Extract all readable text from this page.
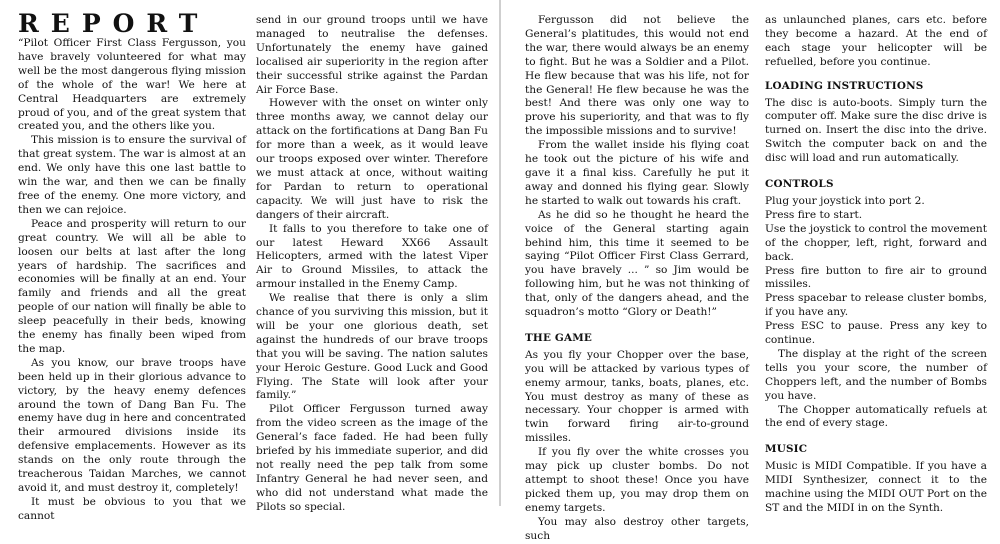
REPORT

“Pilot Officer First Class Fergusson, you have bravely volunteered for what may well be the most dangerous flying mission of the whole of the war! We here at Central Headquarters are extremely proud of you, and of the great system that created you, and the others like you.

This mission is to ensure the survival of that great system. The war is almost at an end. We only have this one last battle to win the war, and then we can be finally free of the enemy. One more victory, and then we can rejoice.

Peace and prosperity will return to our great country. We will all be able to loosen our belts at last after the long years of hardship. The sacrifices and economies will be finally at an end. Your family and friends and all the great people of our nation will finally be able to sleep peacefully in their beds, knowing the enemy has finally been wiped from the map.

As you know, our brave troops have been held up in their glorious advance to victory, by the heavy enemy defences around the town of Dang Ban Fu. The enemy have dug in here and concentrated their armoured divisions inside its defensive emplacements. However as its stands on the only route through the treacherous Taidan Marches, we cannot avoid it, and must destroy it, completely!

It must be obvious to you that we cannot

send in our ground troops until we have managed to neutralise the defenses. Unfortunately the enemy have gained localised air superiority in the region after their successful strike against the Pardan Air Force Base.

However with the onset on winter only three months away, we cannot delay our attack on the fortifications at Dang Ban Fu for more than a week, as it would leave our troops exposed over winter. Therefore we must attack at once, without waiting for Pardan to return to operational capacity. We will just have to risk the dangers of their aircraft.

It falls to you therefore to take one of our latest Heward XX66 Assault Helicopters, armed with the latest Viper Air to Ground Missiles, to attack the armour installed in the Enemy Camp.

We realise that there is only a slim chance of you surviving this mission, but it will be your one glorious death, set against the hundreds of our brave troops that you will be saving. The nation salutes your Heroic Gesture. Good Luck and Good Flying. The State will look after your family.”

Pilot Officer Fergusson turned away from the video screen as the image of the General’s face faded. He had been fully briefed by his immediate superior, and did not really need the pep talk from some Infantry General he had never seen, and who did not understand what made the Pilots so special.

Fergusson did not believe the General’s platitudes, this would not end the war, there would always be an enemy to fight. But he was a Soldier and a Pilot. He flew because that was his life, not for the General! He flew because he was the best! And there was only one way to prove his superiority, and that was to fly the impossible missions and to survive!

From the wallet inside his flying coat he took out the picture of his wife and gave it a final kiss. Carefully he put it away and donned his flying gear. Slowly he started to walk out towards his craft.

As he did so he thought he heard the voice of the General starting again behind him, this time it seemed to be saying “Pilot Officer First Class Gerrard, you have bravely ... ” so Jim would be following him, but he was not thinking of that, only of the dangers ahead, and the squadron’s motto “Glory or Death!”

THE GAME

As you fly your Chopper over the base, you will be attacked by various types of enemy armour, tanks, boats, planes, etc. You must destroy as many of these as necessary. Your chopper is armed with twin forward firing air-to-ground missiles.

If you fly over the white crosses you may pick up cluster bombs. Do not attempt to shoot these! Once you have picked them up, you may drop them on enemy targets.

You may also destroy other targets, such

as unlaunched planes, cars etc. before they become a hazard. At the end of each stage your helicopter will be refuelled, before you continue.

LOADING INSTRUCTIONS

The disc is auto-boots. Simply turn the computer off. Make sure the disc drive is turned on. Insert the disc into the drive. Switch the computer back on and the disc will load and run automatically.

CONTROLS

Plug your joystick into port 2.

Press fire to start.

Use the joystick to control the movement of the chopper, left, right, forward and back.

Press fire button to fire air to ground missiles.

Press spacebar to release cluster bombs, if you have any.

Press ESC to pause. Press any key to continue.

The display at the right of the screen tells you your score, the number of Choppers left, and the number of Bombs you have.

The Chopper automatically refuels at the end of every stage.

MUSIC

Music is MIDI Compatible. If you have a MIDI Synthesizer, connect it to the machine using the MIDI OUT Port on the ST and the MIDI in on the Synth.
